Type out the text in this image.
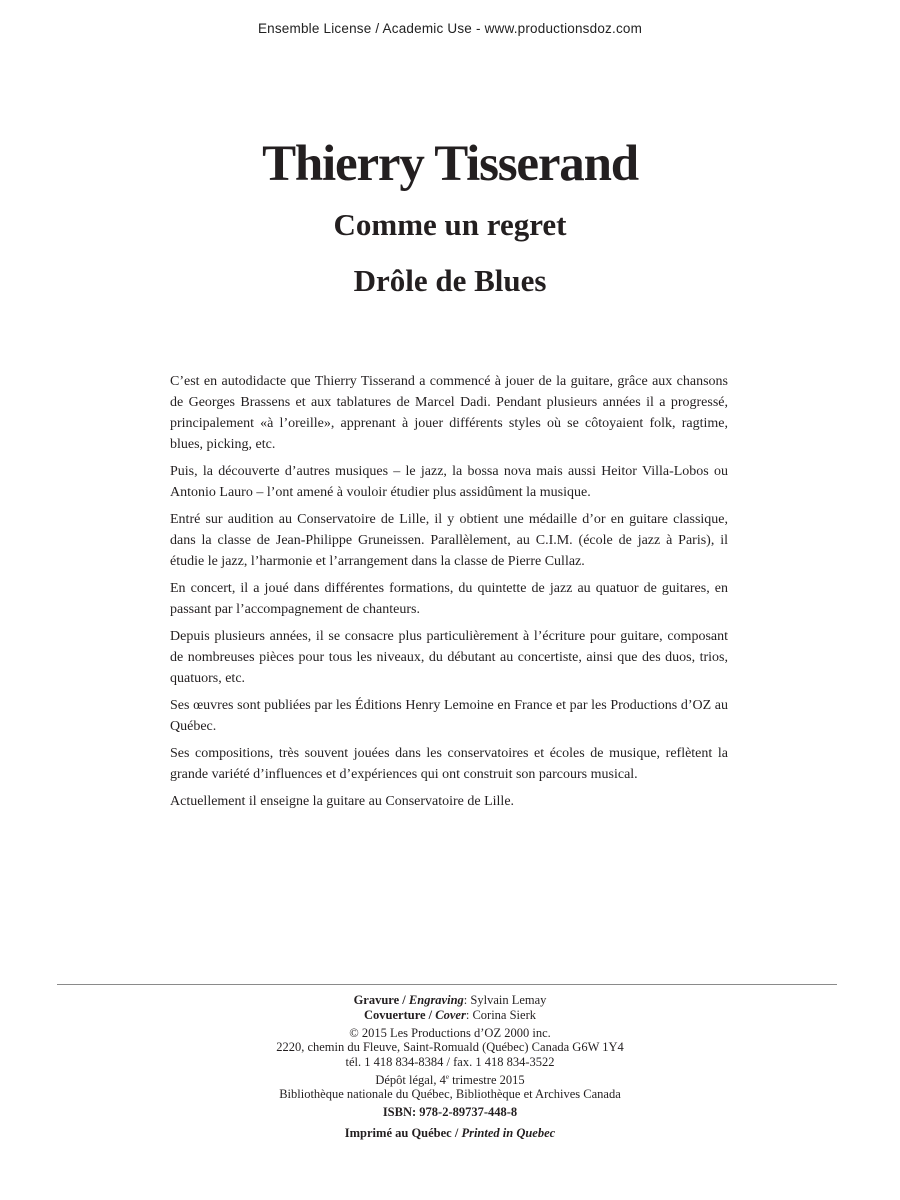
Ensemble License / Academic Use - www.productionsdoz.com
Thierry Tisserand
Comme un regret
Drôle de Blues

C’est en autodidacte que Thierry Tisserand a commencé à jouer de la guitare, grâce aux chansons de Georges Brassens et aux tablatures de Marcel Dadi. Pendant plusieurs années il a progressé, principalement «à l’oreille», apprenant à jouer différents styles où se côtoyaient folk, ragtime, blues, picking, etc.

Puis, la découverte d’autres musiques – le jazz, la bossa nova mais aussi Heitor Villa-Lobos ou Antonio Lauro – l’ont amené à vouloir étudier plus assidûment la musique.

Entré sur audition au Conservatoire de Lille, il y obtient une médaille d’or en guitare classique, dans la classe de Jean-Philippe Gruneissen. Parallèlement, au C.I.M. (école de jazz à Paris), il étudie le jazz, l’harmonie et l’arrangement dans la classe de Pierre Cullaz.

En concert, il a joué dans différentes formations, du quintette de jazz au quatuor de guitares, en passant par l’accompagnement de chanteurs.

Depuis plusieurs années, il se consacre plus particulièrement à l’écriture pour guitare, composant de nombreuses pièces pour tous les niveaux, du débutant au concertiste, ainsi que des duos, trios, quatuors, etc.

Ses œuvres sont publiées par les Éditions Henry Lemoine en France et par les Productions d’OZ au Québec.

Ses compositions, très souvent jouées dans les conservatoires et écoles de musique, reflètent la grande variété d’influences et d’expériences qui ont construit son parcours musical.

Actuellement il enseigne la guitare au Conservatoire de Lille.

Gravure / Engraving: Sylvain Lemay
Covuerture / Cover: Corina Sierk
© 2015 Les Productions d’OZ 2000 inc.
2220, chemin du Fleuve, Saint-Romuald (Québec) Canada G6W 1Y4
tél. 1 418 834-8384 / fax. 1 418 834-3522
Dépôt légal, 4e trimestre 2015
Bibliothèque nationale du Québec, Bibliothèque et Archives Canada
ISBN: 978-2-89737-448-8
Imprimé au Québec / Printed in Quebec
